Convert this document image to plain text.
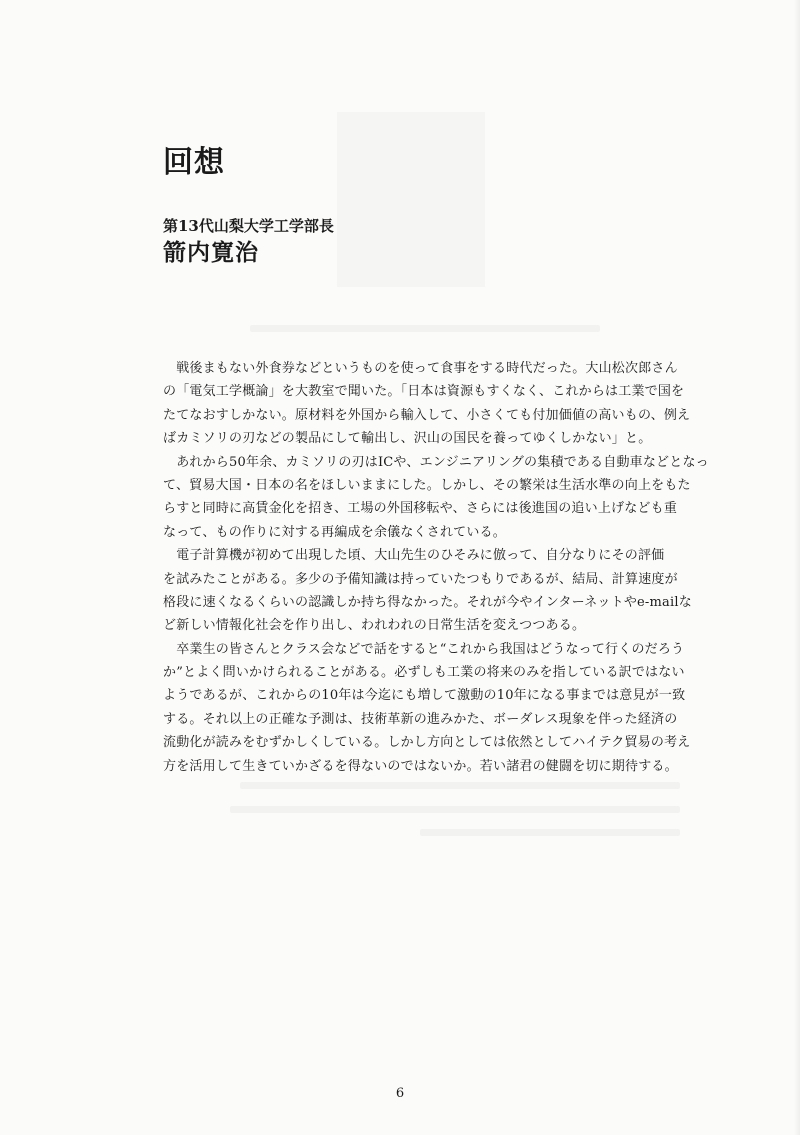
回想

第13代山梨大学工学部長

箭内寛治

　戦後まもない外食券などというものを使って食事をする時代だった。大山松次郎さん
の「電気工学概論」を大教室で聞いた。「日本は資源もすくなく、これからは工業で国を
たてなおすしかない。原材料を外国から輸入して、小さくても付加価値の高いもの、例え
ばカミソリの刃などの製品にして輸出し、沢山の国民を養ってゆくしかない」と。
　あれから50年余、カミソリの刃はICや、エンジニアリングの集積である自動車などとなっ
て、貿易大国・日本の名をほしいままにした。しかし、その繁栄は生活水準の向上をもた
らすと同時に高賃金化を招き、工場の外国移転や、さらには後進国の追い上げなども重
なって、もの作りに対する再編成を余儀なくされている。
　電子計算機が初めて出現した頃、大山先生のひそみに倣って、自分なりにその評価
を試みたことがある。多少の予備知識は持っていたつもりであるが、結局、計算速度が
格段に速くなるくらいの認識しか持ち得なかった。それが今やインターネットやe-mailな
ど新しい情報化社会を作り出し、われわれの日常生活を変えつつある。
　卒業生の皆さんとクラス会などで話をすると“これから我国はどうなって行くのだろう
か”とよく問いかけられることがある。必ずしも工業の将来のみを指している訳ではない
ようであるが、これからの10年は今迄にも増して激動の10年になる事までは意見が一致
する。それ以上の正確な予測は、技術革新の進みかた、ボーダレス現象を伴った経済の
流動化が読みをむずかしくしている。しかし方向としては依然としてハイテク貿易の考え
方を活用して生きていかざるを得ないのではないか。若い諸君の健闘を切に期待する。
6
